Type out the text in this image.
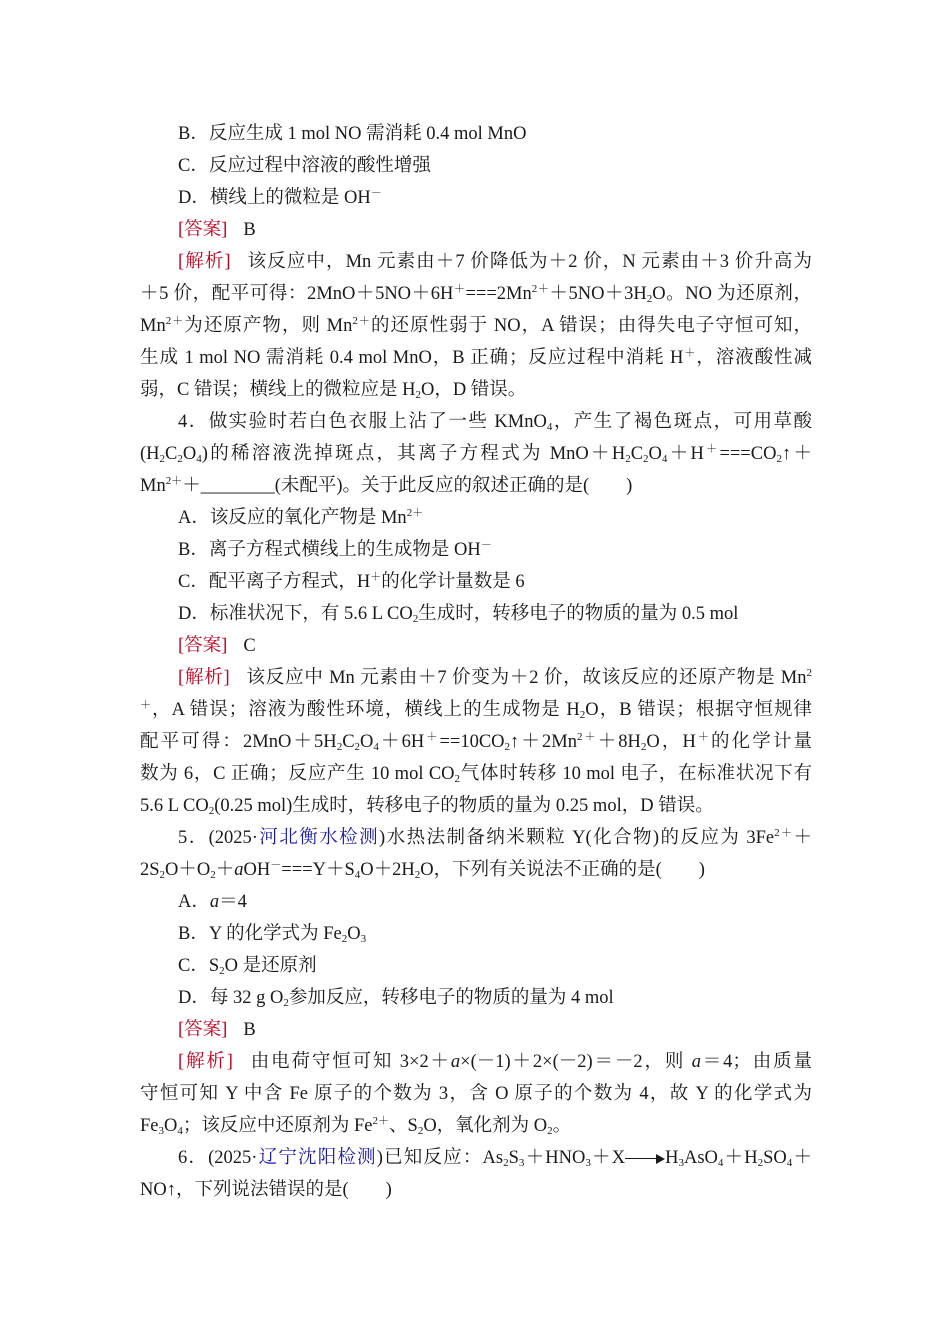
B．反应生成 1 mol NO 需消耗 0.4 mol MnO
C．反应过程中溶液的酸性增强
D．横线上的微粒是 OH－
[答案] B
[解析] 该反应中，Mn 元素由＋7 价降低为＋2 价，N 元素由＋3 价升高为
＋5 价，配平可得：$2MnO+5NO+6H^+===2Mn^{2+}+5NO+3H_2O$。NO 为还原剂，
$Mn^{2+}$为还原产物，则 $Mn^{2+}$的还原性弱于 NO，A 错误；由得失电子守恒可知，
生成 1 mol NO 需消耗 0.4 mol MnO，B 正确；反应过程中消耗 H＋，溶液酸性减
弱，C 错误；横线上的微粒应是 $H_2O$，D 错误。
4．做实验时若白色衣服上沾了一些 KMnO$_4$，产生了褐色斑点，可用草酸
$(H_2C_2O_4)$的稀溶液洗掉斑点，其离子方程式为 $MnO+H_2C_2O_4+H^+===CO_2↑+$
$Mn^{2+}+\_\_\_\_\_\_\_\_$(未配平)。关于此反应的叙述正确的是(　　)
A．该反应的氧化产物是 $Mn^{2+}$
B．离子方程式横线上的生成物是 OH－
C．配平离子方程式，H＋的化学计量数是 6
D．标准状况下，有 5.6 L $CO_2$生成时，转移电子的物质的量为 0.5 mol
[答案] C
[解析] 该反应中 Mn 元素由＋7 价变为＋2 价，故该反应的还原产物是 Mn$^2$
＋，A 错误；溶液为酸性环境，横线上的生成物是 $H_2O$，B 错误；根据守恒规律
配平可得：$2MnO+5H_2C_2O_4+6H^+==10CO_2↑+2Mn^{2+}+8H_2O$，H＋的化学计量
数为 6，C 正确；反应产生 10 mol $CO_2$气体时转移 10 mol 电子，在标准状况下有
5.6 L $CO_2(0.25$ mol)生成时，转移电子的物质的量为 0.25 mol，D 错误。
5．(2025·河北衡水检测)水热法制备纳米颗粒 Y(化合物)的反应为 $3Fe^{2+}+$
$2S_2O+O_2+aOH^-===Y+S_4O+2H_2O$，下列有关说法不正确的是(　　)
A．a＝4
B．Y 的化学式为 $Fe_2O_3$
C．$S_2O$ 是还原剂
D．每 32 g $O_2$参加反应，转移电子的物质的量为 4 mol
[答案] B
[解析] 由电荷守恒可知 3×2＋a×(－1)＋2×(－2)＝－2，则 a＝4；由质量
守恒可知 Y 中含 Fe 原子的个数为 3，含 O 原子的个数为 4，故 Y 的化学式为
$Fe_3O_4$；该反应中还原剂为 $Fe^{2+}$、$S_2O$，氧化剂为 $O_2$。
6．(2025·辽宁沈阳检测)已知反应：$As_2S_3+HNO_3+X$ $H_3AsO_4+H_2SO_4+$
NO↑，下列说法错误的是(　　)
